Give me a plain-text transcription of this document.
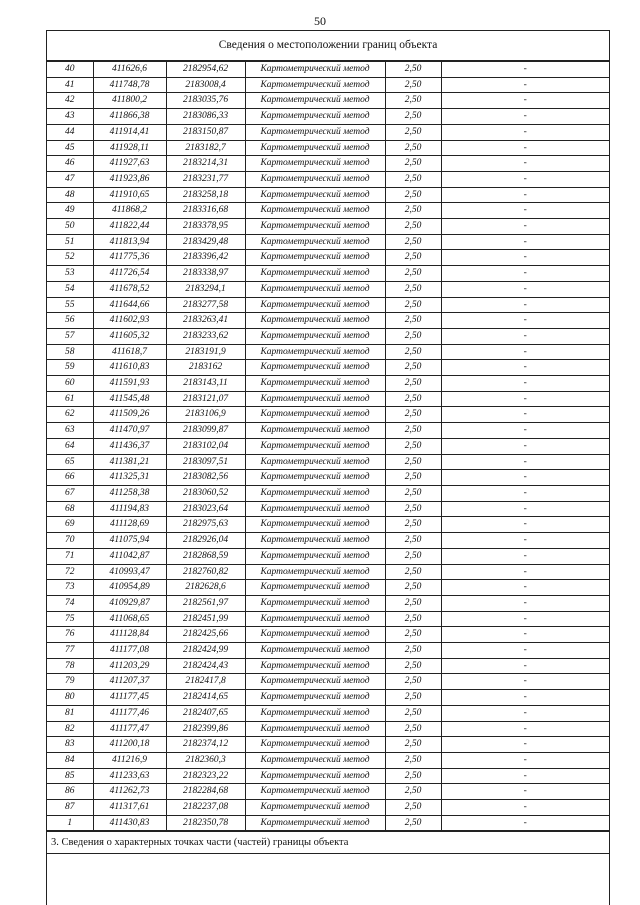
50
Сведения о местоположении границ объекта
40	411626,6	2182954,62	Картометрический метод	2,50	-
41	411748,78	2183008,4	Картометрический метод	2,50	-
42	411800,2	2183035,76	Картометрический метод	2,50	-
43	411866,38	2183086,33	Картометрический метод	2,50	-
44	411914,41	2183150,87	Картометрический метод	2,50	-
45	411928,11	2183182,7	Картометрический метод	2,50	-
46	411927,63	2183214,31	Картометрический метод	2,50	-
47	411923,86	2183231,77	Картометрический метод	2,50	-
48	411910,65	2183258,18	Картометрический метод	2,50	-
49	411868,2	2183316,68	Картометрический метод	2,50	-
50	411822,44	2183378,95	Картометрический метод	2,50	-
51	411813,94	2183429,48	Картометрический метод	2,50	-
52	411775,36	2183396,42	Картометрический метод	2,50	-
53	411726,54	2183338,97	Картометрический метод	2,50	-
54	411678,52	2183294,1	Картометрический метод	2,50	-
55	411644,66	2183277,58	Картометрический метод	2,50	-
56	411602,93	2183263,41	Картометрический метод	2,50	-
57	411605,32	2183233,62	Картометрический метод	2,50	-
58	411618,7	2183191,9	Картометрический метод	2,50	-
59	411610,83	2183162	Картометрический метод	2,50	-
60	411591,93	2183143,11	Картометрический метод	2,50	-
61	411545,48	2183121,07	Картометрический метод	2,50	-
62	411509,26	2183106,9	Картометрический метод	2,50	-
63	411470,97	2183099,87	Картометрический метод	2,50	-
64	411436,37	2183102,04	Картометрический метод	2,50	-
65	411381,21	2183097,51	Картометрический метод	2,50	-
66	411325,31	2183082,56	Картометрический метод	2,50	-
67	411258,38	2183060,52	Картометрический метод	2,50	-
68	411194,83	2183023,64	Картометрический метод	2,50	-
69	411128,69	2182975,63	Картометрический метод	2,50	-
70	411075,94	2182926,04	Картометрический метод	2,50	-
71	411042,87	2182868,59	Картометрический метод	2,50	-
72	410993,47	2182760,82	Картометрический метод	2,50	-
73	410954,89	2182628,6	Картометрический метод	2,50	-
74	410929,87	2182561,97	Картометрический метод	2,50	-
75	411068,65	2182451,99	Картометрический метод	2,50	-
76	411128,84	2182425,66	Картометрический метод	2,50	-
77	411177,08	2182424,99	Картометрический метод	2,50	-
78	411203,29	2182424,43	Картометрический метод	2,50	-
79	411207,37	2182417,8	Картометрический метод	2,50	-
80	411177,45	2182414,65	Картометрический метод	2,50	-
81	411177,46	2182407,65	Картометрический метод	2,50	-
82	411177,47	2182399,86	Картометрический метод	2,50	-
83	411200,18	2182374,12	Картометрический метод	2,50	-
84	411216,9	2182360,3	Картометрический метод	2,50	-
85	411233,63	2182323,22	Картометрический метод	2,50	-
86	411262,73	2182284,68	Картометрический метод	2,50	-
87	411317,61	2182237,08	Картометрический метод	2,50	-
1	411430,83	2182350,78	Картометрический метод	2,50	-
3. Сведения о характерных точках части (частей) границы объекта
